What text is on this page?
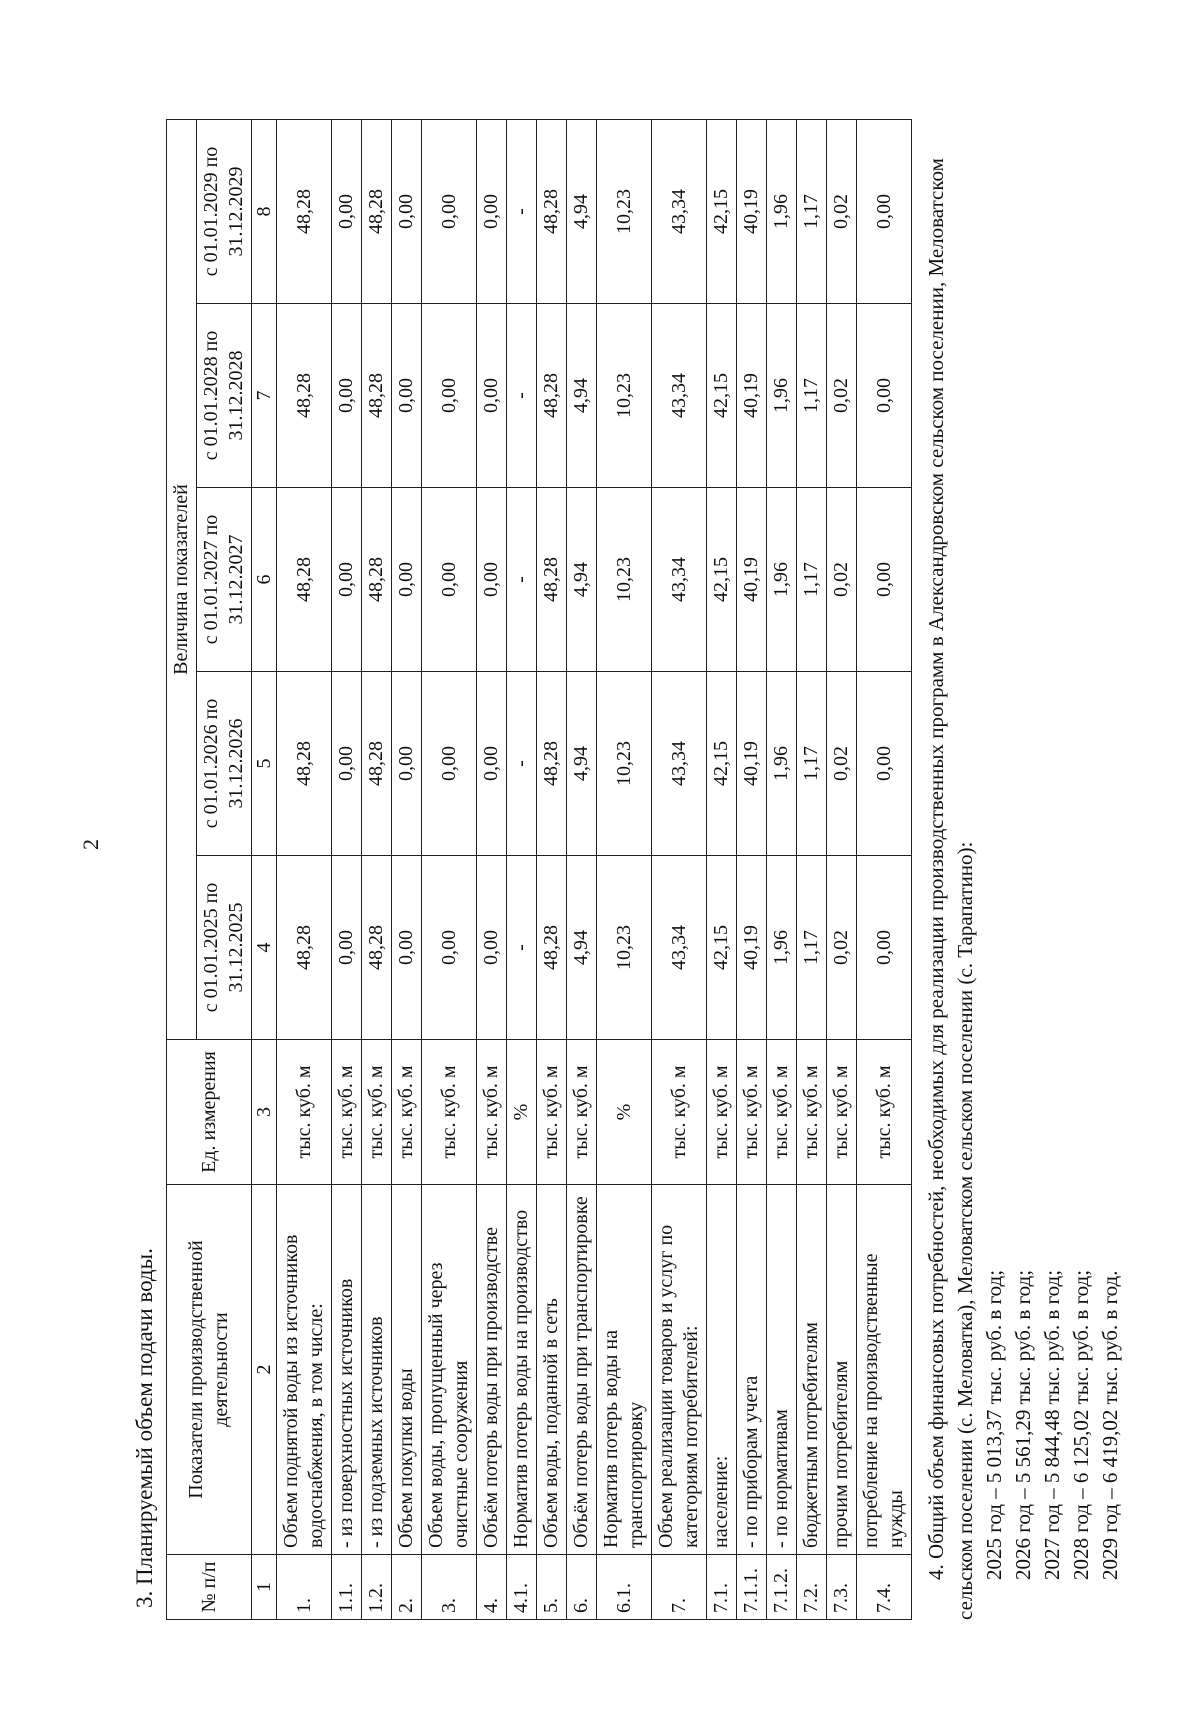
2
3. Планируемый объем подачи воды. № п/п	Показатели производственной деятельности	Ед. измерения	Величина показателей				
			с 01.01.2025 по 31.12.2025	с 01.01.2026 по 31.12.2026	с 01.01.2027 по 31.12.2027	с 01.01.2028 по 31.12.2028	с 01.01.2029 по 31.12.2029
1	2	3	4	5	6	7	8
1.	Объем поднятой воды из источников водоснабжения, в том числе:	тыс. куб. м	48,28	48,28	48,28	48,28	48,28
1.1.	- из поверхностных источников	тыс. куб. м	0,00	0,00	0,00	0,00	0,00
1.2.	- из подземных источников	тыс. куб. м	48,28	48,28	48,28	48,28	48,28
2.	Объем покупки воды	тыс. куб. м	0,00	0,00	0,00	0,00	0,00
3.	Объем воды, пропущенный через очистные сооружения	тыс. куб. м	0,00	0,00	0,00	0,00	0,00
4.	Объём потерь воды при производстве	тыс. куб. м	0,00	0,00	0,00	0,00	0,00
4.1.	Норматив потерь воды на производство	%	-	-	-	-	-
5.	Объем воды, поданной в сеть	тыс. куб. м	48,28	48,28	48,28	48,28	48,28
6.	Объём потерь воды при транспортировке	тыс. куб. м	4,94	4,94	4,94	4,94	4,94
6.1.	Норматив потерь воды на транспортировку	%	10,23	10,23	10,23	10,23	10,23
7.	Объем реализации товаров и услуг по категориям потребителей:	тыс. куб. м	43,34	43,34	43,34	43,34	43,34
7.1.	население:	тыс. куб. м	42,15	42,15	42,15	42,15	42,15
7.1.1.	- по приборам учета	тыс. куб. м	40,19	40,19	40,19	40,19	40,19
7.1.2.	- по нормативам	тыс. куб. м	1,96	1,96	1,96	1,96	1,96
7.2.	бюджетным потребителям	тыс. куб. м	1,17	1,17	1,17	1,17	1,17
7.3.	прочим потребителям	тыс. куб. м	0,02	0,02	0,02	0,02	0,02
7.4.	потребление на производственные нужды	тыс. куб. м	0,00	0,00	0,00	0,00	0,00 4. Общий объем финансовых потребностей, необходимых для реализации производственных программ в Александровском сельском поселении, Меловатском сельском поселении (с. Меловатка), Меловатском сельском поселении (с. Тарапатино): 2025 год – 5 013,37 тыс. руб. в год; 2026 год – 5 561,29 тыс. руб. в год; 2027 год – 5 844,48 тыс. руб. в год; 2028 год – 6 125,02 тыс. руб. в год; 2029 год – 6 419,02 тыс. руб. в год.
